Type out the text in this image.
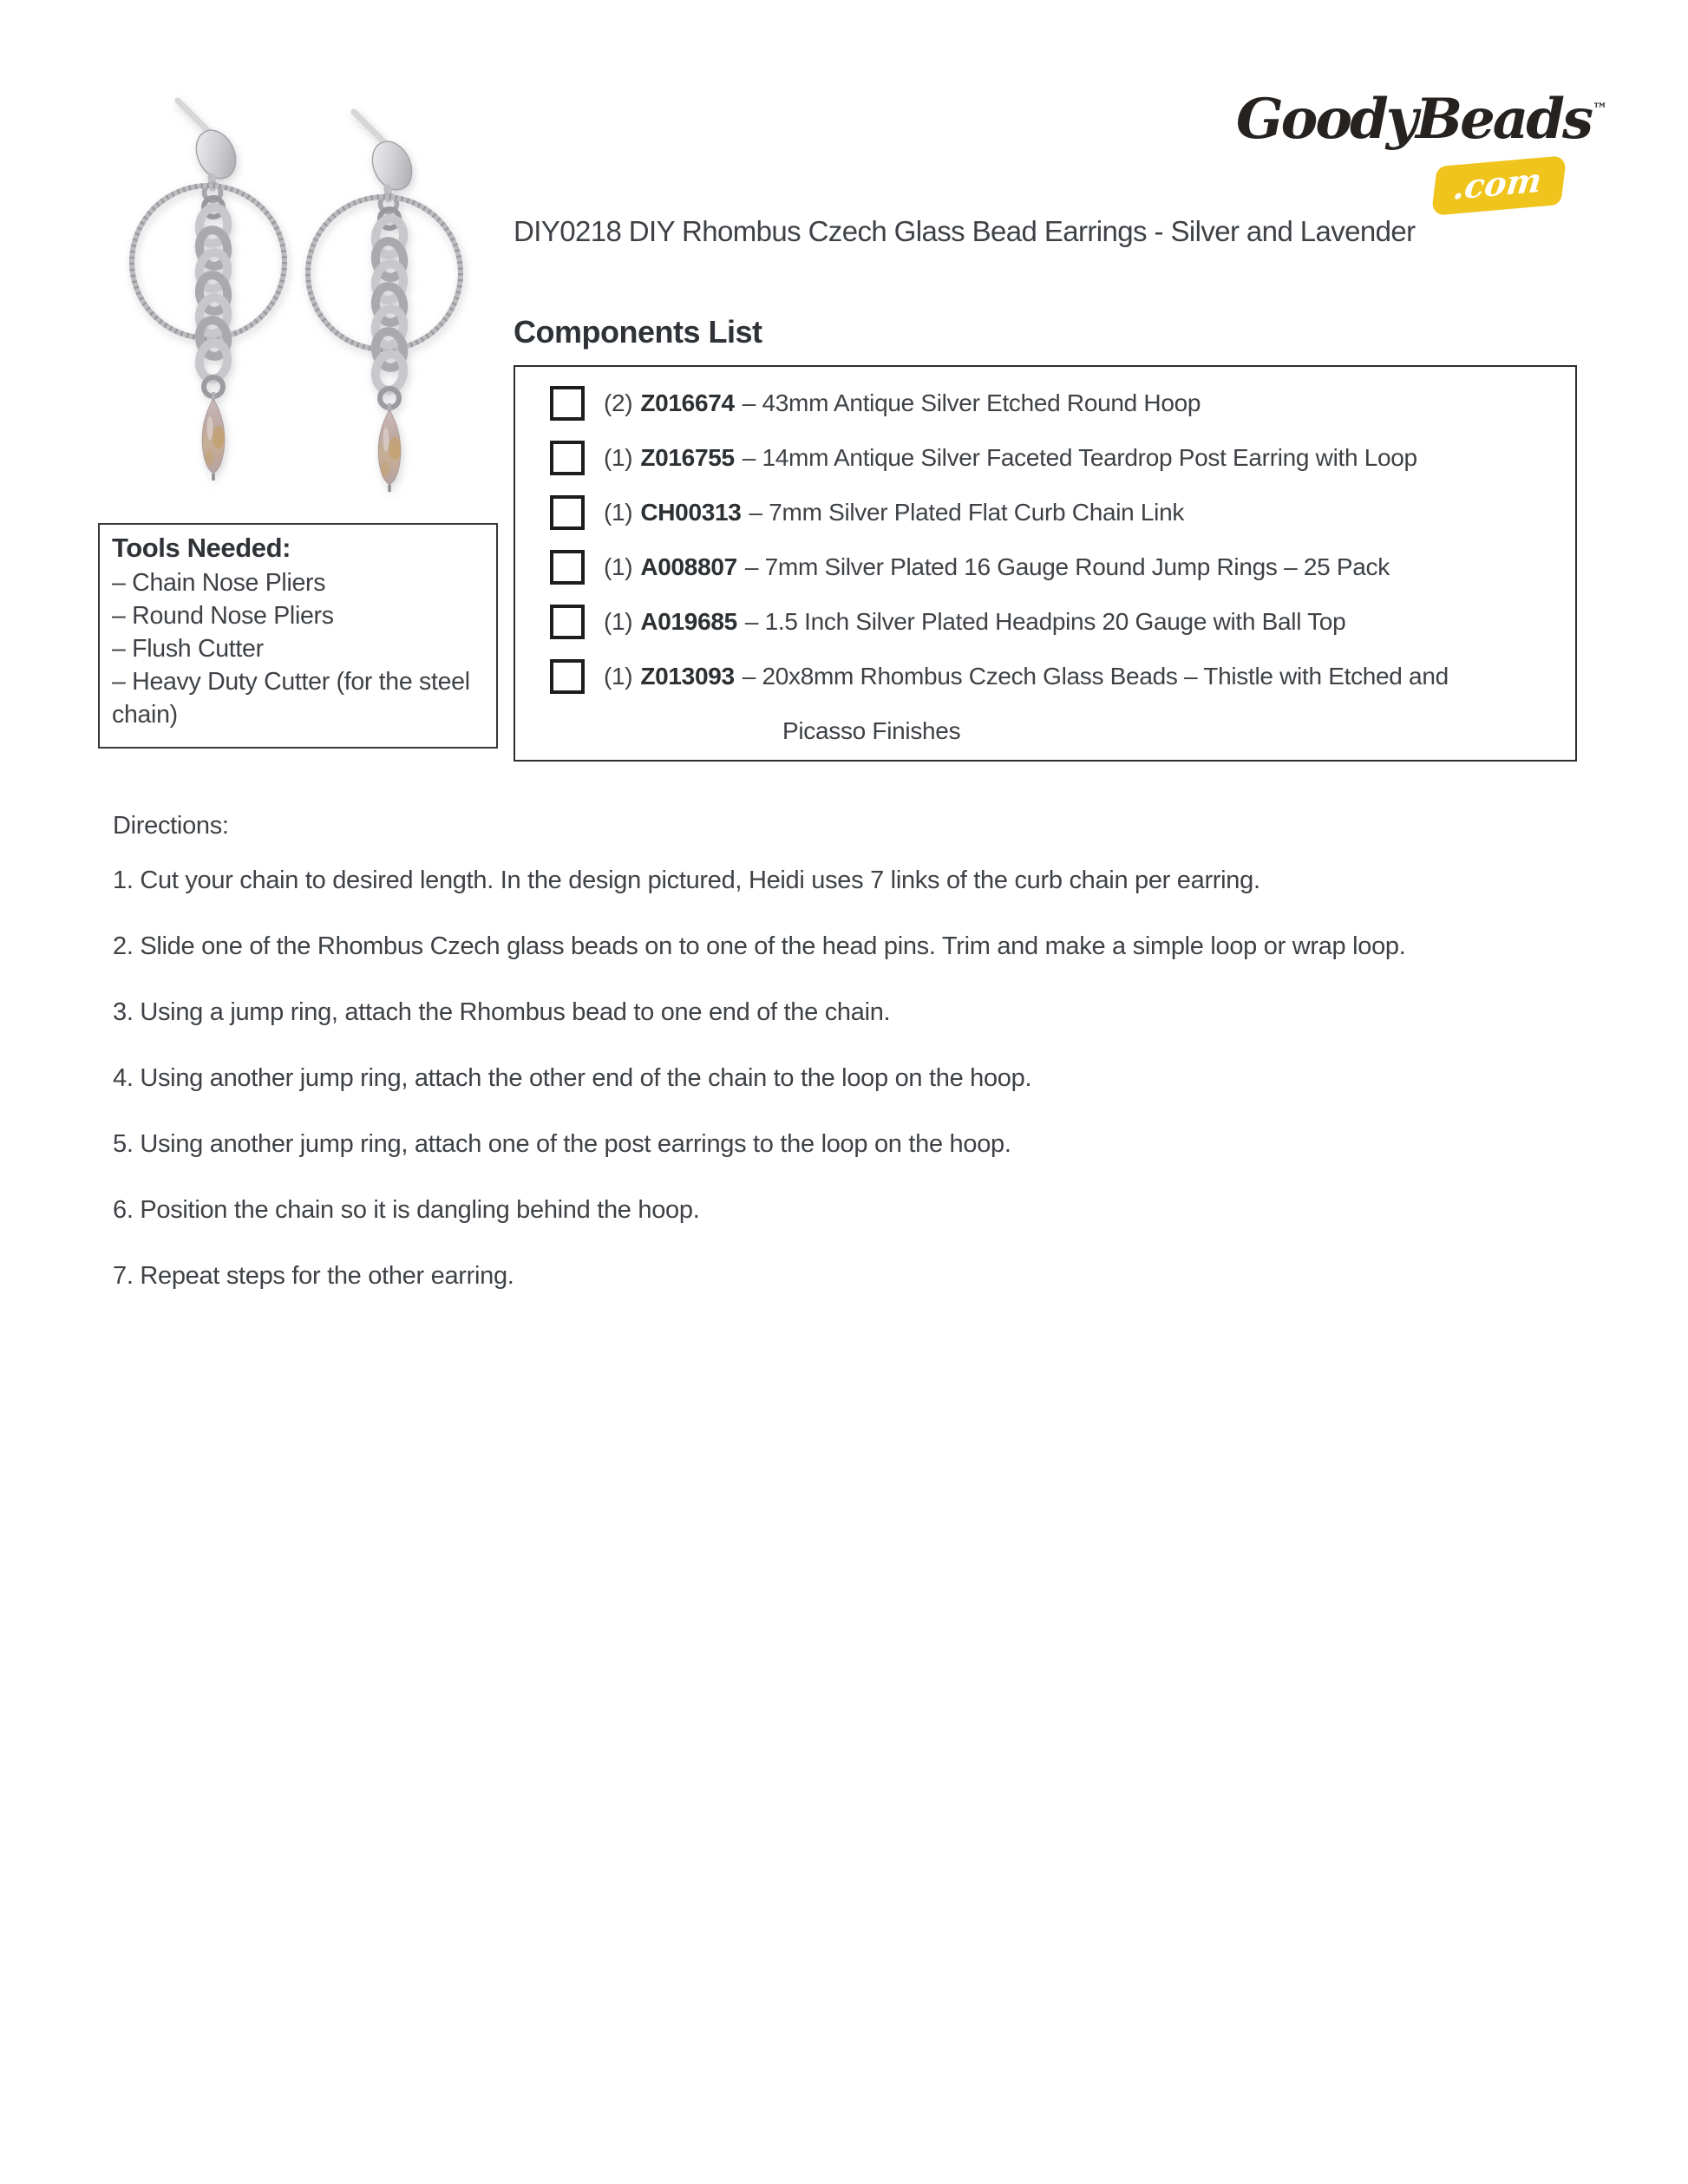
GoodyBeads ™
.com
DIY0218 DIY Rhombus Czech Glass Bead Earrings - Silver and Lavender
Components List
(2) Z016674 – 43mm Antique Silver Etched Round Hoop
(1) Z016755 – 14mm Antique Silver Faceted Teardrop Post Earring with Loop
(1) CH00313 – 7mm Silver Plated Flat Curb Chain Link
(1) A008807 – 7mm Silver Plated 16 Gauge Round Jump Rings – 25 Pack
(1) A019685 – 1.5 Inch Silver Plated Headpins 20 Gauge with Ball Top
(1) Z013093 – 20x8mm Rhombus Czech Glass Beads – Thistle with Etched and
Picasso Finishes
Tools Needed:
– Chain Nose Pliers
– Round Nose Pliers
– Flush Cutter
– Heavy Duty Cutter (for the steel chain)
Directions:
1. Cut your chain to desired length. In the design pictured, Heidi uses 7 links of the curb chain per earring.
2. Slide one of the Rhombus Czech glass beads on to one of the head pins. Trim and make a simple loop or wrap loop.
3. Using a jump ring, attach the Rhombus bead to one end of the chain.
4. Using another jump ring, attach the other end of the chain to the loop on the hoop.
5. Using another jump ring, attach one of the post earrings to the loop on the hoop.
6. Position the chain so it is dangling behind the hoop.
7. Repeat steps for the other earring.
